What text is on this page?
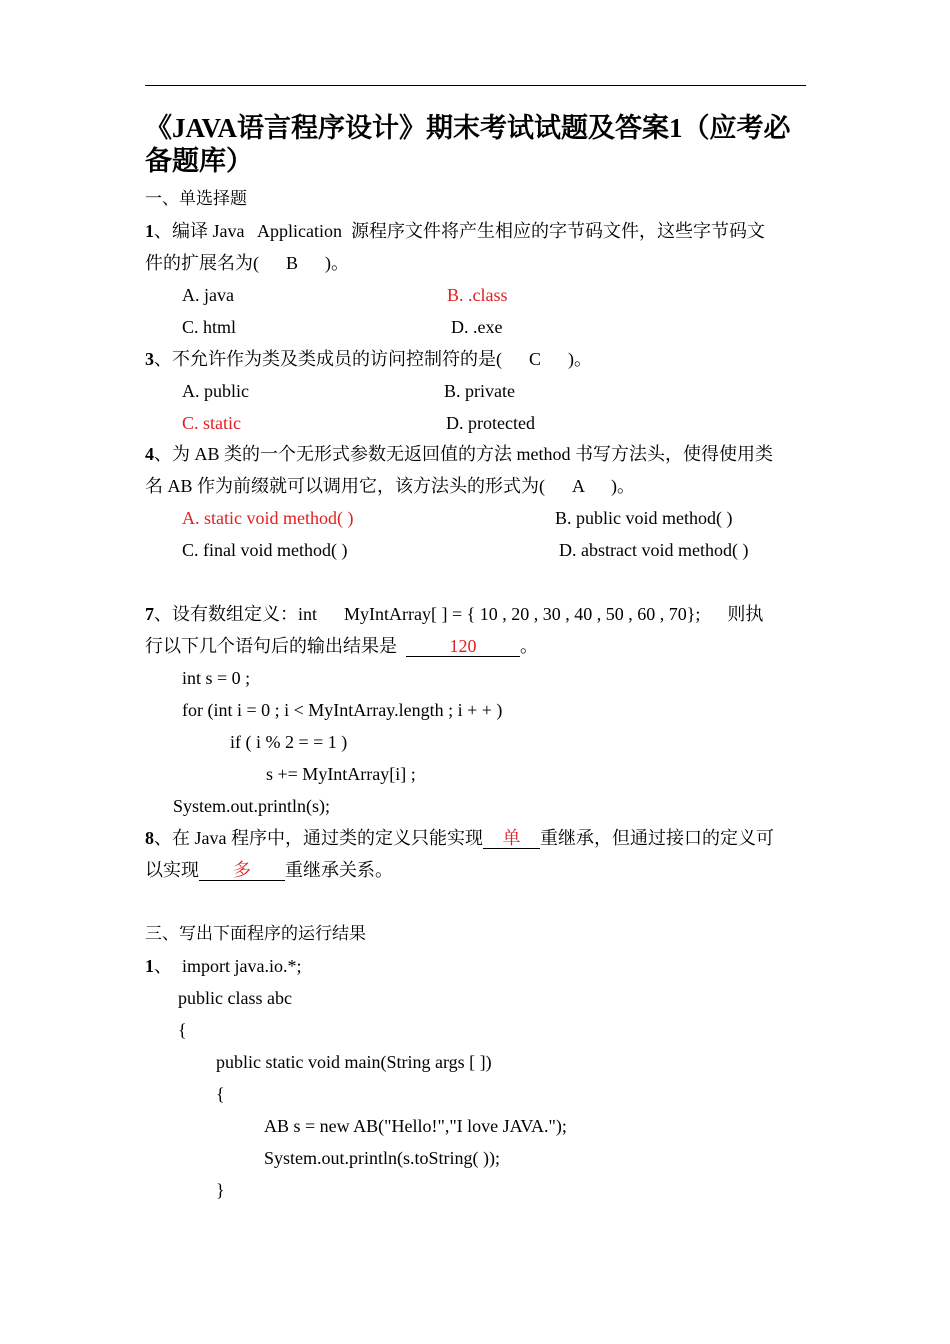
《JAVA语言程序设计》期末考试试题及答案1（应考必备题库）
一、单选择题
1、编译 Java   Application  源程序文件将产生相应的字节码文件，这些字节码文
件的扩展名为(      B      )。
A. java	B. .class
C. html	D. .exe
3、不允许作为类及类成员的访问控制符的是(      C      )。
A. public	B. private
C. static	D. protected
4、为 AB 类的一个无形式参数无返回值的方法 method 书写方法头，使得使用类
名 AB 作为前缀就可以调用它，该方法头的形式为(      A      )。
A. static void method( )	B. public void method( )
C. final void method( )	D. abstract void method( )
7、设有数组定义：int      MyIntArray[ ] = { 10 , 20 , 30 , 40 , 50 , 60 , 70};      则执
行以下几个语句后的输出结果是  120 。
int s = 0 ;
for (int i = 0 ; i < MyIntArray.length ; i + + )
if ( i % 2 = = 1 )
s += MyIntArray[i] ;
System.out.println(s);
8、在 Java 程序中，通过类的定义只能实现 单 重继承，但通过接口的定义可
以实现 多 重继承关系。
三、写出下面程序的运行结果
1、 import java.io.*;
public class abc
{
public static void main(String args [ ])
{
AB s = new AB("Hello!","I love JAVA.");
System.out.println(s.toString( ));
}
